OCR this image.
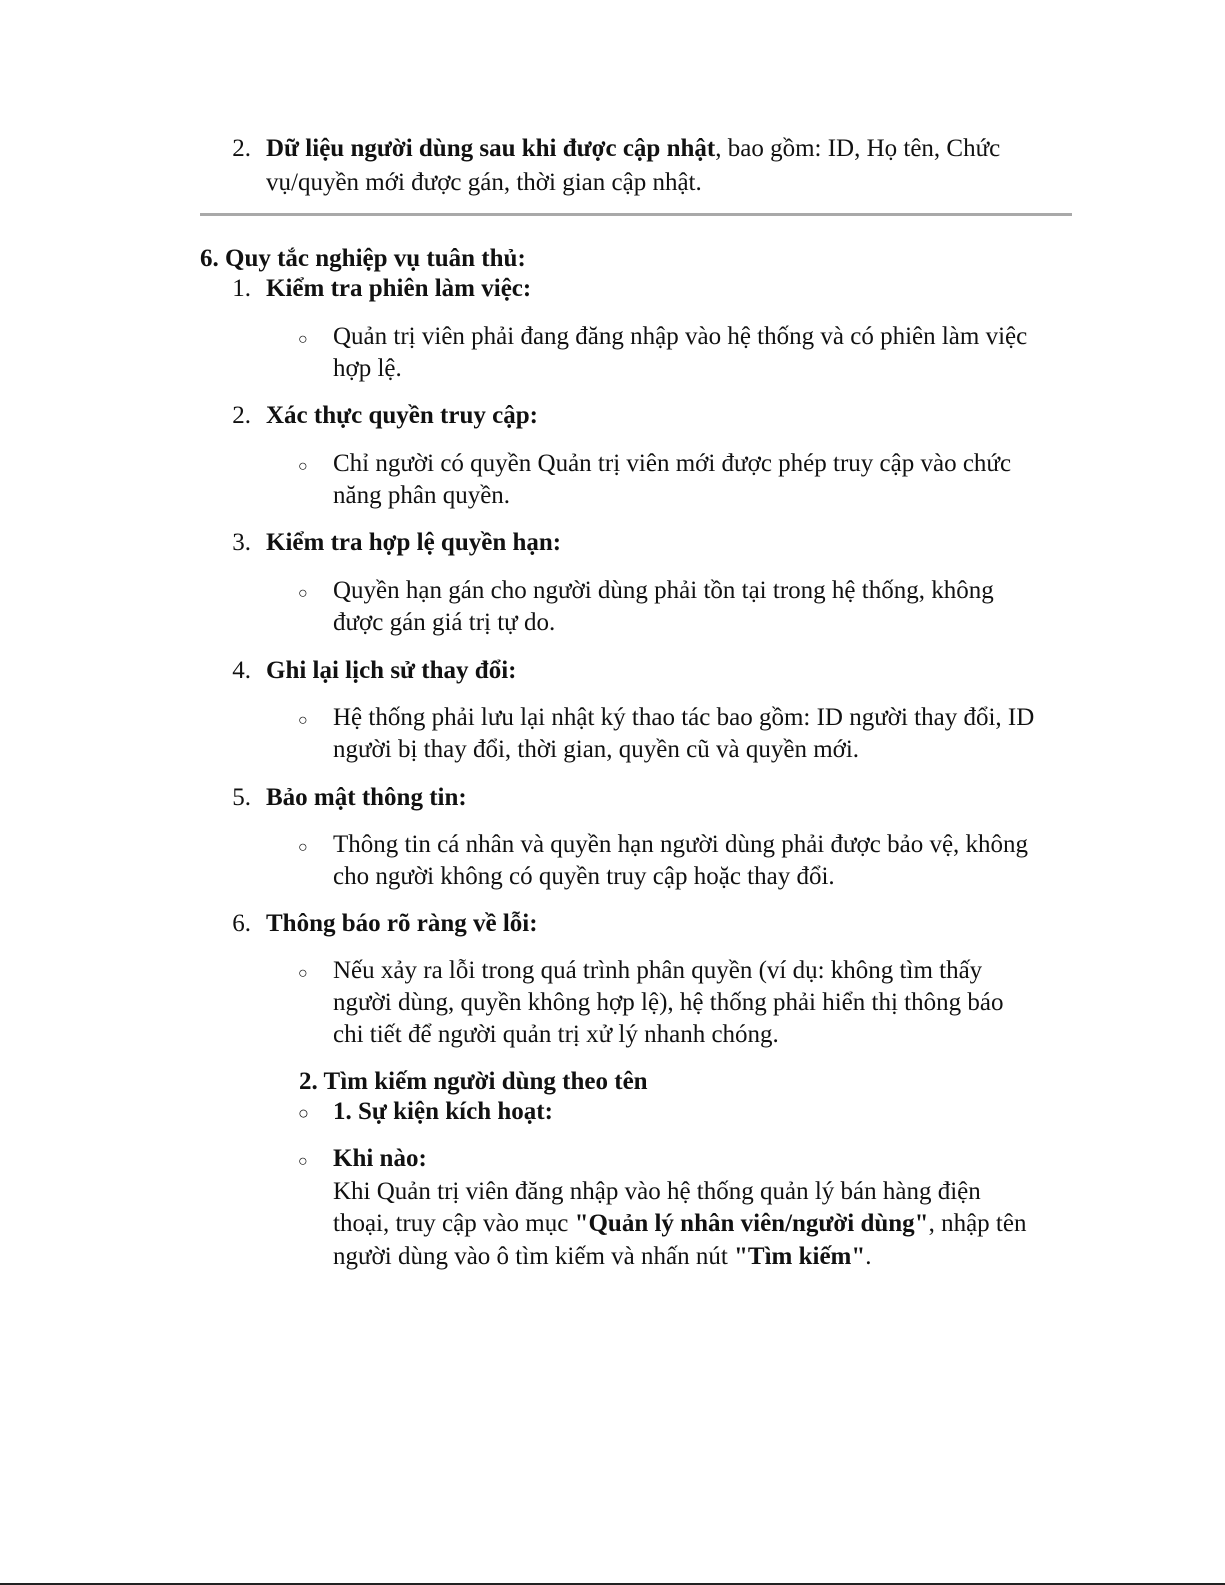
2. Dữ liệu người dùng sau khi được cập nhật, bao gồm: ID, Họ tên, Chức
vụ/quyền mới được gán, thời gian cập nhật.
6. Quy tắc nghiệp vụ tuân thủ:
1. Kiểm tra phiên làm việc:
○ Quản trị viên phải đang đăng nhập vào hệ thống và có phiên làm việc
hợp lệ.
2. Xác thực quyền truy cập:
○ Chỉ người có quyền Quản trị viên mới được phép truy cập vào chức
năng phân quyền.
3. Kiểm tra hợp lệ quyền hạn:
○ Quyền hạn gán cho người dùng phải tồn tại trong hệ thống, không
được gán giá trị tự do.
4. Ghi lại lịch sử thay đổi:
○ Hệ thống phải lưu lại nhật ký thao tác bao gồm: ID người thay đổi, ID
người bị thay đổi, thời gian, quyền cũ và quyền mới.
5. Bảo mật thông tin:
○ Thông tin cá nhân và quyền hạn người dùng phải được bảo vệ, không
cho người không có quyền truy cập hoặc thay đổi.
6. Thông báo rõ ràng về lỗi:
○ Nếu xảy ra lỗi trong quá trình phân quyền (ví dụ: không tìm thấy
người dùng, quyền không hợp lệ), hệ thống phải hiển thị thông báo
chi tiết để người quản trị xử lý nhanh chóng.
2. Tìm kiếm người dùng theo tên
○ 1. Sự kiện kích hoạt:
○ Khi nào:
Khi Quản trị viên đăng nhập vào hệ thống quản lý bán hàng điện
thoại, truy cập vào mục "Quản lý nhân viên/người dùng", nhập tên
người dùng vào ô tìm kiếm và nhấn nút "Tìm kiếm".
